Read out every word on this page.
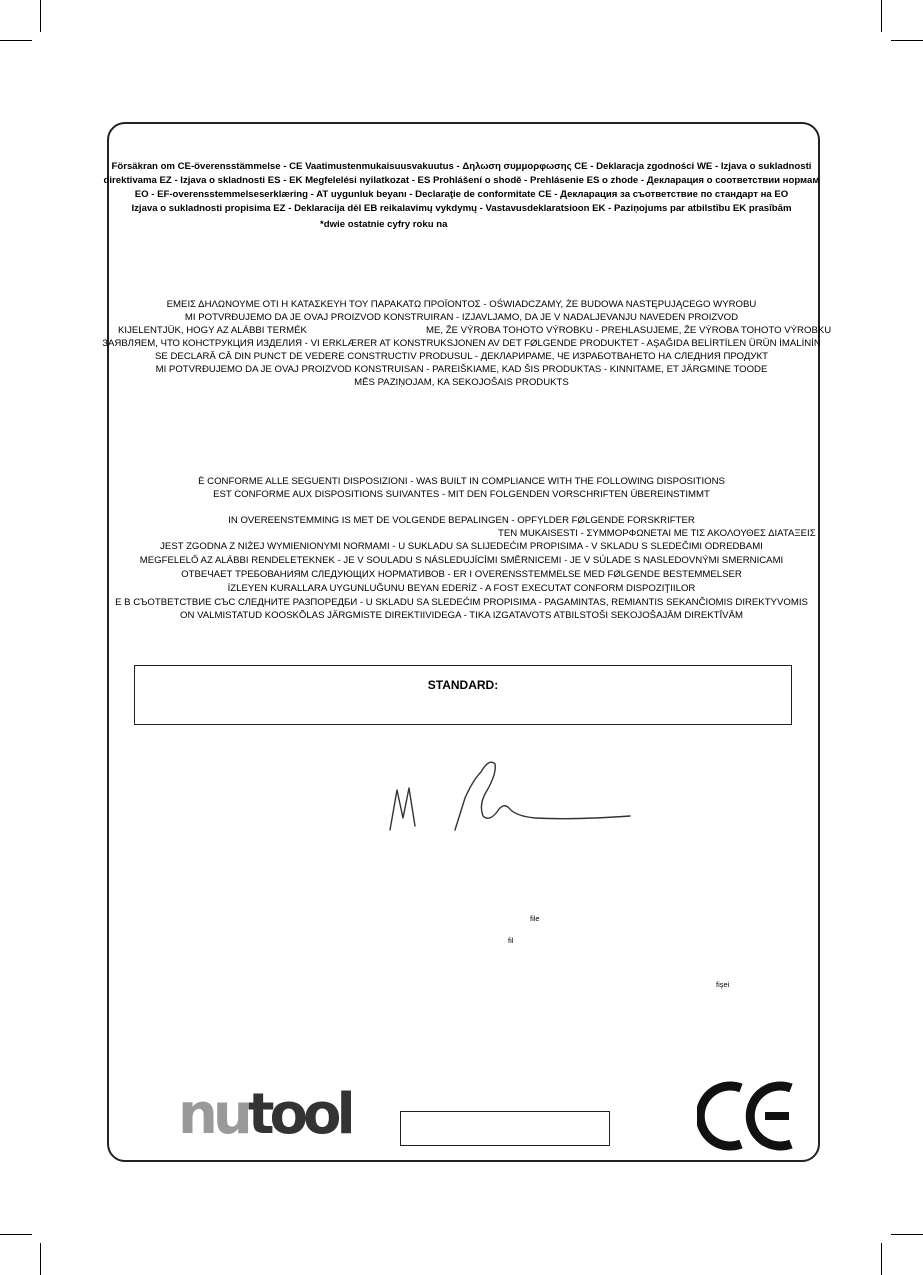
Försäkran om CE-överensstämmelse - CE Vaatimustenmukaisuusvakuutus - Δηλωση συμμορφωσης CE - Deklaracja zgodności WE - Izjava o sukladnosti
direktivama EZ - Izjava o skladnosti ES - EK Megfelelési nyilatkozat - ES Prohlášení o shodě - Prehlásenie ES o zhode - Декларация о соответствии нормам
EO - EF-overensstemmelseserklæring - AT uygunluk beyanı - Declaraţie de conformitate CE - Декларация за съответствие по стандарт на ЕО
Izjava o sukladnosti propisima EZ - Deklaracija dėl EB reikalavimų vykdymų - Vastavusdeklaratsioon EK - Paziņojums par atbilstību EK prasībām
*dwie ostatnie cyfry roku na
ΕΜΕΙΣ ΔΗΛΩΝΟΥΜΕ ΟΤΙ Η ΚΑΤΑΣΚΕΥΗ ΤΟΥ ΠΑΡΑΚΑΤΩ ΠΡΟΪΟΝΤΟΣ - OŚWIADCZAMY, ŻE BUDOWA NASTĘPUJĄCEGO WYROBU
MI POTVRĐUJEMO DA JE OVAJ PROIZVOD KONSTRUIRAN - IZJAVLJAMO, DA JE V NADALJEVANJU NAVEDEN PROIZVOD
KIJELENTJÜK, HOGY AZ ALÁBBI TERMÉK	ME, ŽE VÝROBA TOHOTO VÝROBKU - PREHLASUJEME, ŽE VÝROBA TOHOTO VÝROBKU
ЗАЯВЛЯЕМ, ЧТО КОНСТРУКЦИЯ ИЗДЕЛИЯ - VI ERKLÆRER AT KONSTRUKSJONEN AV DET FØLGENDE PRODUKTET - AŞAĞIDA BELİRTİLEN ÜRÜN İMALİNİN
SE DECLARĂ CĂ DIN PUNCT DE VEDERE CONSTRUCTIV PRODUSUL - ДЕКЛАРИРАМЕ, ЧЕ ИЗРАБОТВАНЕТО НА СЛЕДНИЯ ПРОДУКТ
MI POTVRĐUJEMO DA JE OVAJ PROIZVOD KONSTRUISAN - PAREIŠKIAME, KAD ŠIS PRODUKTAS - KINNITAME, ET JÄRGMINE TOODE
MĒS PAZIŅOJAM, KA SEKOJOŠAIS PRODUKTS
È CONFORME ALLE SEGUENTI DISPOSIZIONI - WAS BUILT IN COMPLIANCE WITH THE FOLLOWING DISPOSITIONS
EST CONFORME AUX DISPOSITIONS SUIVANTES - MIT DEN FOLGENDEN VORSCHRIFTEN ÜBEREINSTIMMT
IN OVEREENSTEMMING IS MET DE VOLGENDE BEPALINGEN - OPFYLDER FØLGENDE FORSKRIFTER
TEN MUKAISESTI - ΣΥΜΜΟΡΦΩΝΕΤΑΙ ΜΕ ΤΙΣ ΑΚΟΛΟΥΘΕΣ ΔΙΑΤΑΞΕΙΣ
JEST ZGODNA Z NIŻEJ WYMIENIONYMI NORMAMI - U SUKLADU SA SLIJEDEĆIM PROPISIMA - V SKLADU S SLEDEČIMI ODREDBAMI
MEGFELELŐ AZ ALÁBBI RENDELETEKNEK - JE V SOULADU S NÁSLEDUJÍCÍMI SMĚRNICEMI - JE V SÚLADE S NASLEDOVNÝMI SMERNICAMI
ОТВЕЧАЕТ ТРЕБОВАНИЯМ СЛЕДУЮЩИХ НОРМАТИВОВ - ER I OVERENSSTEMMELSE MED FØLGENDE BESTEMMELSER
İZLEYEN KURALLARA UYGUNLUĞUNU BEYAN EDERİZ - A FOST EXECUTAT CONFORM DISPOZIŢIILOR
Е В СЪОТВЕТСТВИЕ СЪС СЛЕДНИТЕ РАЗПОРЕДБИ - U SKLADU SA SLEDEĆIM PROPISIMA - PAGAMINTAS, REMIANTIS SEKANČIOMIS DIREKTYVOMIS
ON VALMISTATUD KOOSKÕLAS JÄRGMISTE DIREKTIIVIDEGA - TIKA IZGATAVOTS ATBILSTOŠI SEKOJOŠAJĀM DIREKTĪVĀM
STANDARD:
file
fil
fişei
nutool
